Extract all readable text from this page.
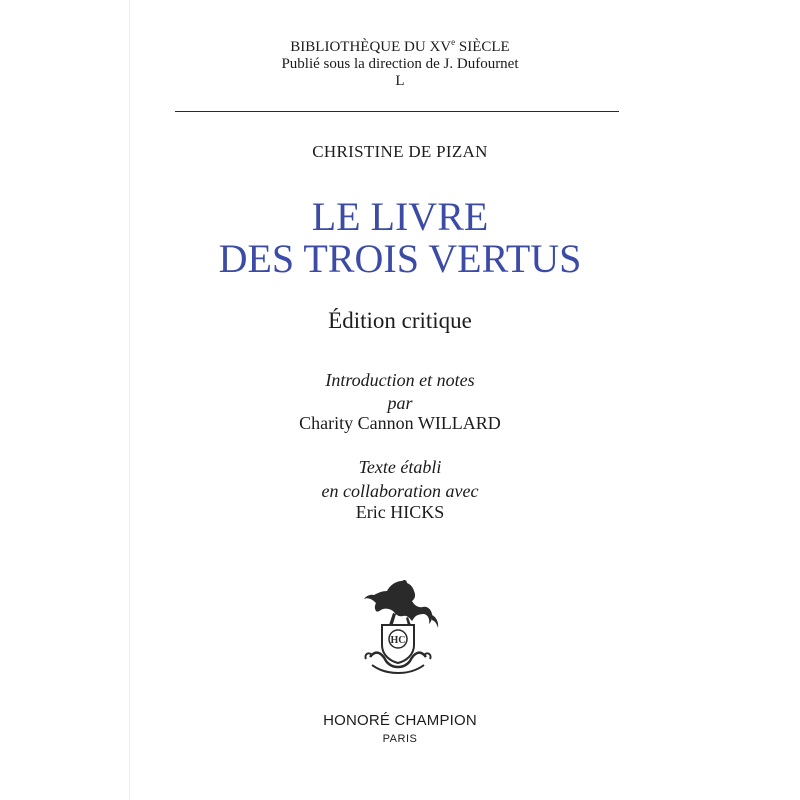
BIBLIOTHÈQUE DU XVe SIÈCLE
Publié sous la direction de J. Dufournet
L
CHRISTINE DE PIZAN
LE LIVRE
DES TROIS VERTUS
Édition critique
Introduction et notes
par
Charity Cannon WILLARD
Texte établi
en collaboration avec
Eric HICKS
HC
HONORÉ CHAMPION
PARIS
